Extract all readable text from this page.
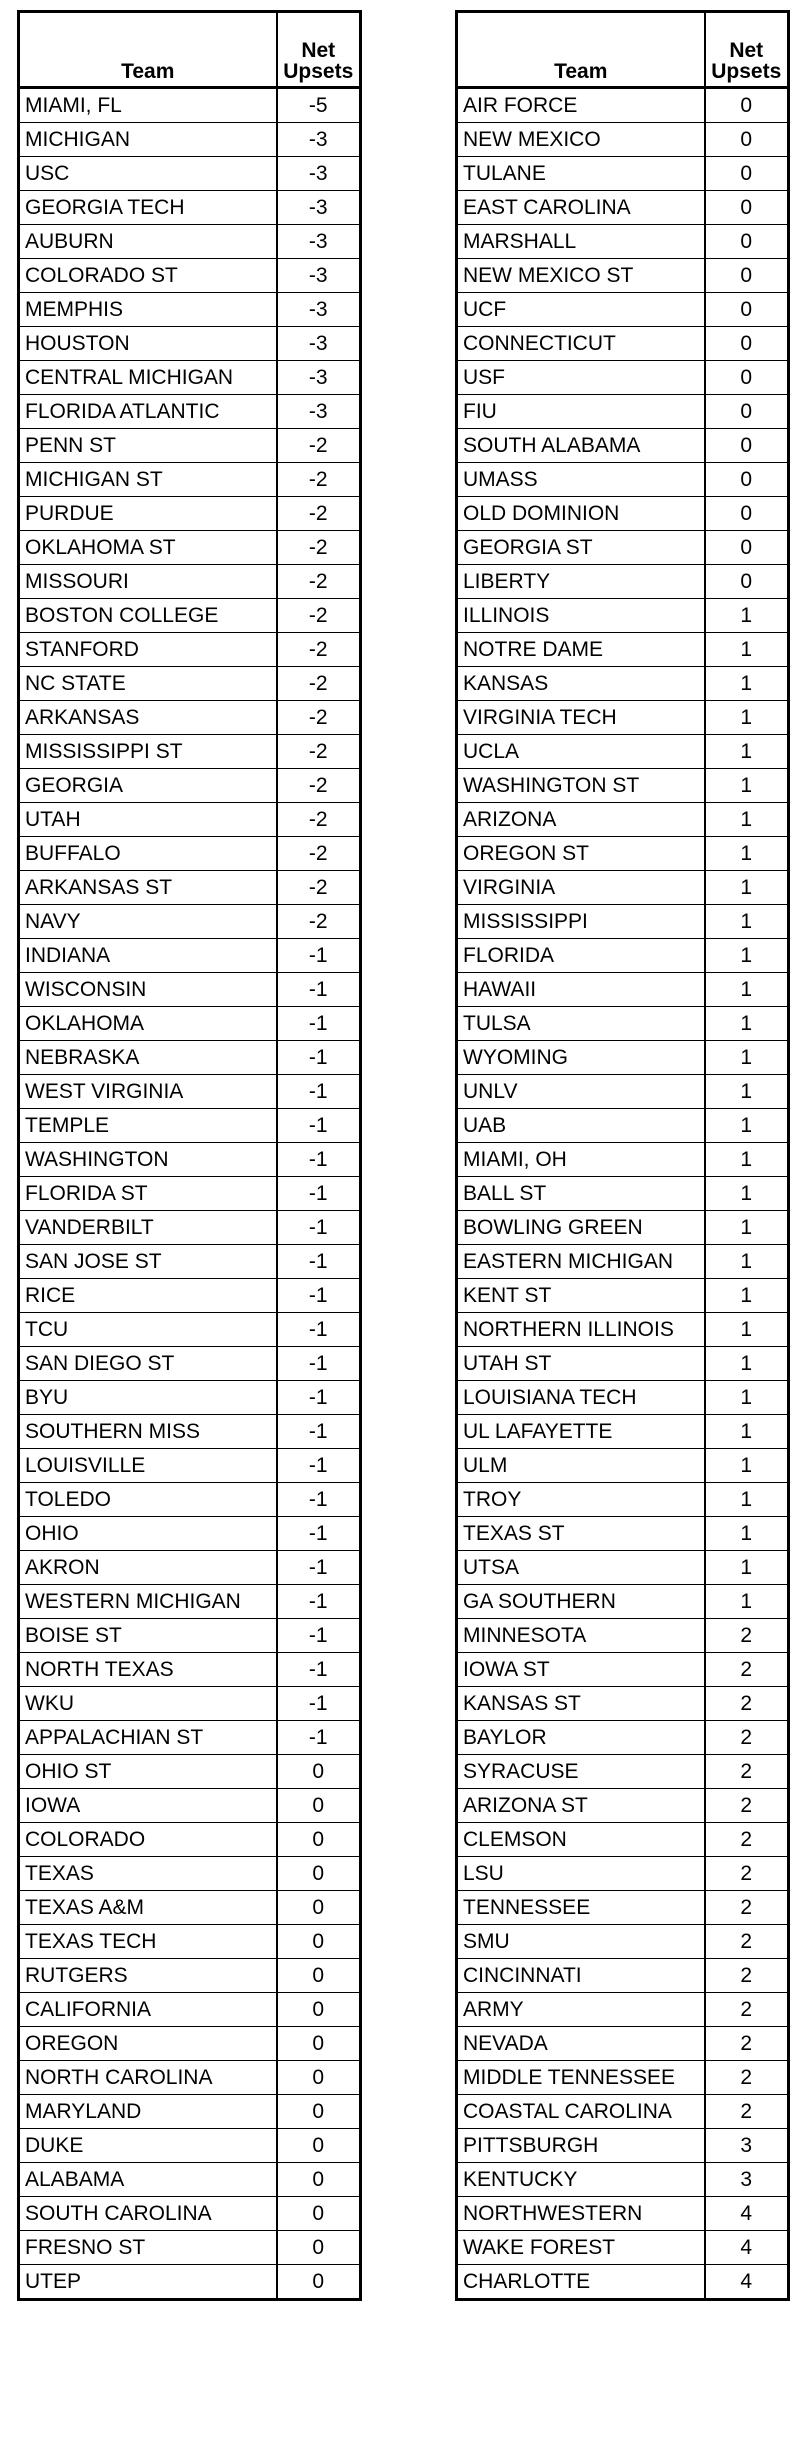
Team	Net
Upsets

MIAMI, FL	-5
MICHIGAN	-3
USC	-3
GEORGIA TECH	-3
AUBURN	-3
COLORADO ST	-3
MEMPHIS	-3
HOUSTON	-3
CENTRAL MICHIGAN	-3
FLORIDA ATLANTIC	-3
PENN ST	-2
MICHIGAN ST	-2
PURDUE	-2
OKLAHOMA ST	-2
MISSOURI	-2
BOSTON COLLEGE	-2
STANFORD	-2
NC STATE	-2
ARKANSAS	-2
MISSISSIPPI ST	-2
GEORGIA	-2
UTAH	-2
BUFFALO	-2
ARKANSAS ST	-2
NAVY	-2
INDIANA	-1
WISCONSIN	-1
OKLAHOMA	-1
NEBRASKA	-1
WEST VIRGINIA	-1
TEMPLE	-1
WASHINGTON	-1
FLORIDA ST	-1
VANDERBILT	-1
SAN JOSE ST	-1
RICE	-1
TCU	-1
SAN DIEGO ST	-1
BYU	-1
SOUTHERN MISS	-1
LOUISVILLE	-1
TOLEDO	-1
OHIO	-1
AKRON	-1
WESTERN MICHIGAN	-1
BOISE ST	-1
NORTH TEXAS	-1
WKU	-1
APPALACHIAN ST	-1
OHIO ST	0
IOWA	0
COLORADO	0
TEXAS	0
TEXAS A&M	0
TEXAS TECH	0
RUTGERS	0
CALIFORNIA	0
OREGON	0
NORTH CAROLINA	0
MARYLAND	0
DUKE	0
ALABAMA	0
SOUTH CAROLINA	0
FRESNO ST	0
UTEP	0
Team	Net
Upsets

AIR FORCE	0
NEW MEXICO	0
TULANE	0
EAST CAROLINA	0
MARSHALL	0
NEW MEXICO ST	0
UCF	0
CONNECTICUT	0
USF	0
FIU	0
SOUTH ALABAMA	0
UMASS	0
OLD DOMINION	0
GEORGIA ST	0
LIBERTY	0
ILLINOIS	1
NOTRE DAME	1
KANSAS	1
VIRGINIA TECH	1
UCLA	1
WASHINGTON ST	1
ARIZONA	1
OREGON ST	1
VIRGINIA	1
MISSISSIPPI	1
FLORIDA	1
HAWAII	1
TULSA	1
WYOMING	1
UNLV	1
UAB	1
MIAMI, OH	1
BALL ST	1
BOWLING GREEN	1
EASTERN MICHIGAN	1
KENT ST	1
NORTHERN ILLINOIS	1
UTAH ST	1
LOUISIANA TECH	1
UL LAFAYETTE	1
ULM	1
TROY	1
TEXAS ST	1
UTSA	1
GA SOUTHERN	1
MINNESOTA	2
IOWA ST	2
KANSAS ST	2
BAYLOR	2
SYRACUSE	2
ARIZONA ST	2
CLEMSON	2
LSU	2
TENNESSEE	2
SMU	2
CINCINNATI	2
ARMY	2
NEVADA	2
MIDDLE TENNESSEE	2
COASTAL CAROLINA	2
PITTSBURGH	3
KENTUCKY	3
NORTHWESTERN	4
WAKE FOREST	4
CHARLOTTE	4
